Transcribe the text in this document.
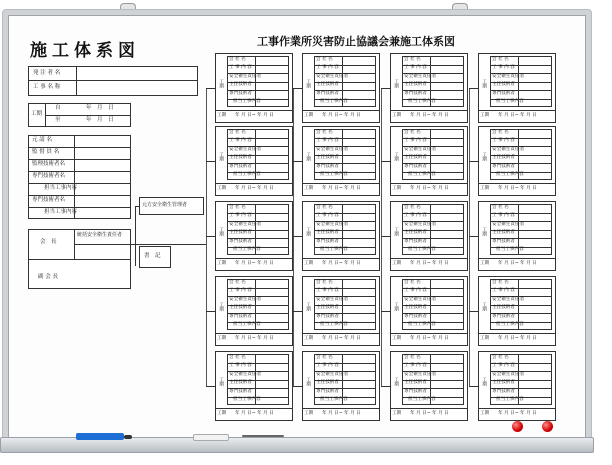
施工体系図	工事作業所災害防止協議会兼施工体系図
発 注 者 名
工 事 名 称
工期
自
至
年　月　日
年　月　日
元 請 名
監 督 員 名
監理技術者名
専門技術者名
担当工事内容
専門技術者名
担当工事内容
元方安全衛生管理者
会　長
統括安全衛生責任者
副 会 長
書　記
会 社 名
工 事 内 容
安全衛生責任者
主任技術者
専門技術者
担当工事内容
工期
工期 年 月 日~ 年 月 日
会 社 名
工 事 内 容
安全衛生責任者
主任技術者
専門技術者
担当工事内容
工期
工期 年 月 日~ 年 月 日
会 社 名
工 事 内 容
安全衛生責任者
主任技術者
専門技術者
担当工事内容
工期
工期 年 月 日~ 年 月 日
会 社 名
工 事 内 容
安全衛生責任者
主任技術者
専門技術者
担当工事内容
工期
工期 年 月 日~ 年 月 日
会 社 名
工 事 内 容
安全衛生責任者
主任技術者
専門技術者
担当工事内容
工期
工期 年 月 日~ 年 月 日
会 社 名
工 事 内 容
安全衛生責任者
主任技術者
専門技術者
担当工事内容
工期
工期 年 月 日~ 年 月 日
会 社 名
工 事 内 容
安全衛生責任者
主任技術者
専門技術者
担当工事内容
工期
工期 年 月 日~ 年 月 日
会 社 名
工 事 内 容
安全衛生責任者
主任技術者
専門技術者
担当工事内容
工期
工期 年 月 日~ 年 月 日
会 社 名
工 事 内 容
安全衛生責任者
主任技術者
専門技術者
担当工事内容
工期
工期 年 月 日~ 年 月 日
会 社 名
工 事 内 容
安全衛生責任者
主任技術者
専門技術者
担当工事内容
工期
工期 年 月 日~ 年 月 日
会 社 名
工 事 内 容
安全衛生責任者
主任技術者
専門技術者
担当工事内容
工期
工期 年 月 日~ 年 月 日
会 社 名
工 事 内 容
安全衛生責任者
主任技術者
専門技術者
担当工事内容
工期
工期 年 月 日~ 年 月 日
会 社 名
工 事 内 容
安全衛生責任者
主任技術者
専門技術者
担当工事内容
工期
工期 年 月 日~ 年 月 日
会 社 名
工 事 内 容
安全衛生責任者
主任技術者
専門技術者
担当工事内容
工期
工期 年 月 日~ 年 月 日
会 社 名
工 事 内 容
安全衛生責任者
主任技術者
専門技術者
担当工事内容
工期
工期 年 月 日~ 年 月 日
会 社 名
工 事 内 容
安全衛生責任者
主任技術者
専門技術者
担当工事内容
工期
工期 年 月 日~ 年 月 日
会 社 名
工 事 内 容
安全衛生責任者
主任技術者
専門技術者
担当工事内容
工期
工期 年 月 日~ 年 月 日
会 社 名
工 事 内 容
安全衛生責任者
主任技術者
専門技術者
担当工事内容
工期
工期 年 月 日~ 年 月 日
会 社 名
工 事 内 容
安全衛生責任者
主任技術者
専門技術者
担当工事内容
工期
工期 年 月 日~ 年 月 日
会 社 名
工 事 内 容
安全衛生責任者
主任技術者
専門技術者
担当工事内容
工期
工期 年 月 日~ 年 月 日
